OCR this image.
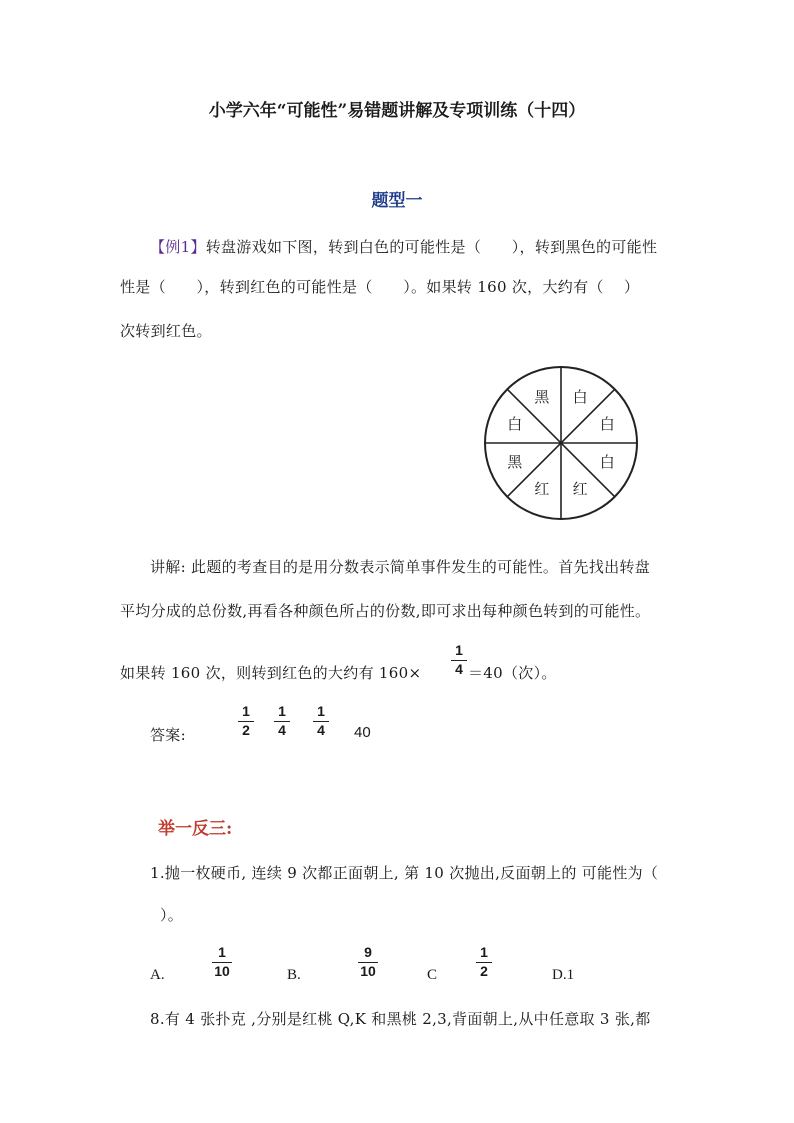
小学六年“可能性”易错题讲解及专项训练（十四）
题型一
【例1】转盘游戏如下图，转到白色的可能性是（　　），转到黑色的可能性
性是（　　），转到红色的可能性是（　　）。如果转 160 次，大约有（　 ）
次转到红色。
白
白
白
红
红
黑
白
黑
讲解: 此题的考查目的是用分数表示简单事件发生的可能性。首先找出转盘
平均分成的总份数,再看各种颜色所占的份数,即可求出每种颜色转到的可能性。
如果转 160 次，则转到红色的大约有 160×
1
4 ＝40（次）。
答案:
1
2
1
4
1
4	40
举一反三:
1.抛一枚硬币, 连续 9 次都正面朝上, 第 10 次抛出,反面朝上的 可能性为（
）。
A.
1
10	B.
9
10	C
1
2	D.1
8.有 4 张扑克 ,分别是红桃 Q,K 和黑桃 2,3,背面朝上,从中任意取 3 张,都
